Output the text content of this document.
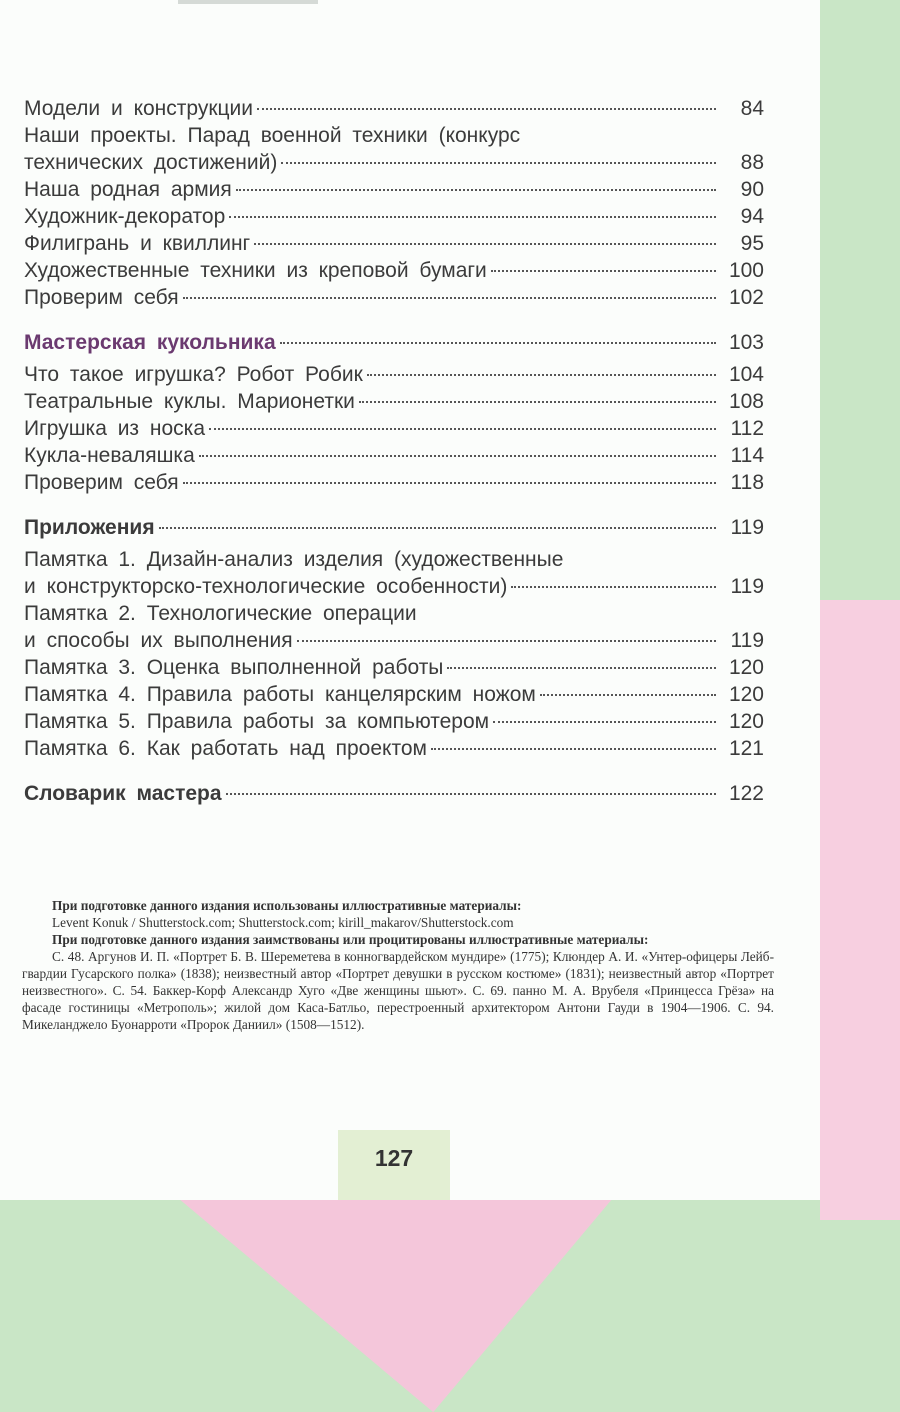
Модели и конструкции	84
Наши проекты. Парад военной техники (конкурс
технических достижений)	88
Наша родная армия	90
Художник-декоратор	94
Филигрань и квиллинг	95
Художественные техники из креповой бумаги	100
Проверим себя	102
Мастерская кукольника	103
Что такое игрушка? Робот Робик	104
Театральные куклы. Марионетки	108
Игрушка из носка	112
Кукла-неваляшка	114
Проверим себя	118
Приложения	119
Памятка 1. Дизайн-анализ изделия (художественные
и конструкторско-технологические особенности)	119
Памятка 2. Технологические операции
и способы их выполнения	119
Памятка 3. Оценка выполненной работы	120
Памятка 4. Правила работы канцелярским ножом	120
Памятка 5. Правила работы за компьютером	120
Памятка 6. Как работать над проектом	121
Словарик мастера	122

При подготовке данного издания использованы иллюстративные материалы:

Levent Konuk / Shutterstock.com; Shutterstock.com; kirill_makarov/Shutterstock.com

При подготовке данного издания заимствованы или процитированы иллюстративные материалы:

С. 48. Аргунов И. П. «Портрет Б. В. Шереметева в конногвардейском мундире» (1775); Клюндер А. И. «Унтер-офицеры Лейб-гвардии Гусарского полка» (1838); неизвестный автор «Портрет девушки в русском костюме» (1831); неизвестный автор «Портрет неизвестного». С. 54. Баккер-Корф Александр Хуго «Две женщины шьют». С. 69. панно М. А. Врубеля «Принцесса Грёза» на фасаде гостиницы «Метрополь»; жилой дом Каса-Батльо, перестроенный архитектором Антони Гауди в 1904—1906. С. 94. Микеланджело Буонарроти «Пророк Даниил» (1508—1512).

127
